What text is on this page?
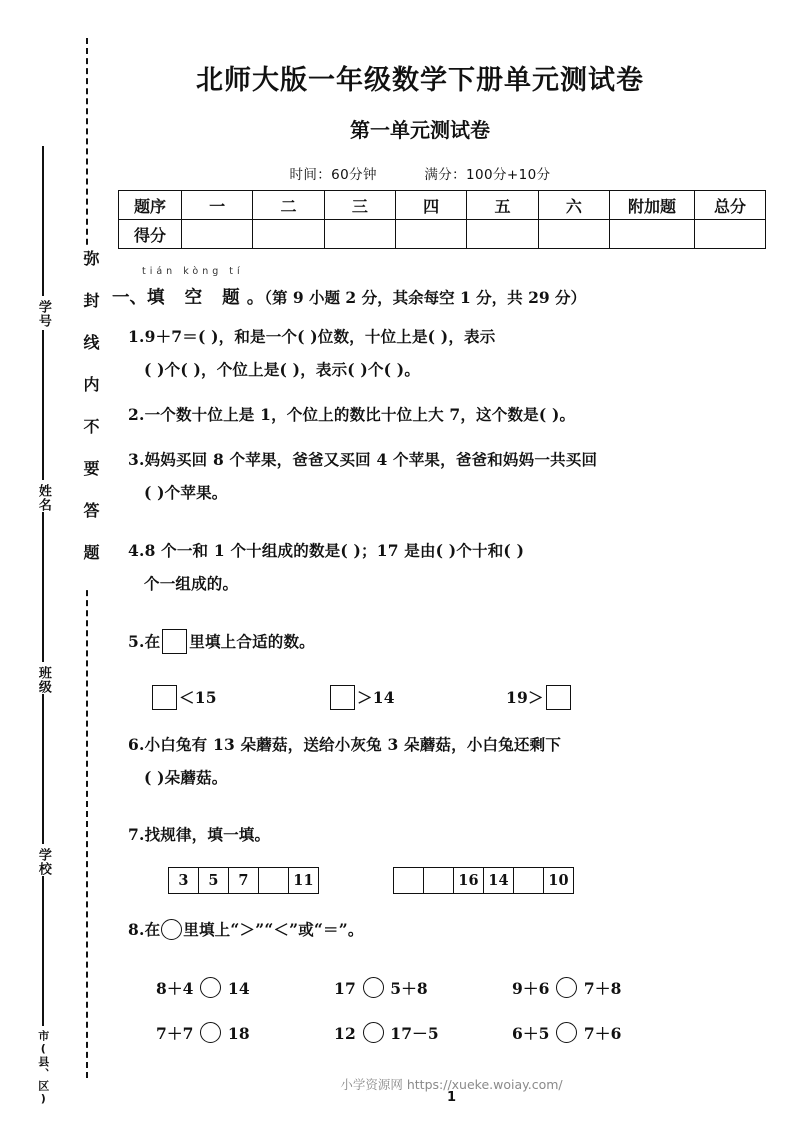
学号
姓名
班级
学校
市(县、区)
弥封线内不要答题
北师大版一年级数学下册单元测试卷
第一单元测试卷
时间：60分钟	满分：100分+10分
题序	一	二	三	四	五	六	附加题	总分
得分								
tián kòng tí
一、填 空 题。（第 9 小题 2 分，其余每空 1 分，共 29 分）
1.9＋7＝( )，和是一个( )位数，十位上是( )，表示
( )个( )，个位上是( )，表示( )个( )。
2.一个数十位上是 1，个位上的数比十位上大 7，这个数是( )。
3.妈妈买回 8 个苹果，爸爸又买回 4 个苹果，爸爸和妈妈一共买回
( )个苹果。
4.8 个一和 1 个十组成的数是( )；17 是由( )个十和( )
个一组成的。
5.在 里填上合适的数。
＜ 15	＞ 14	19 ＞
6.小白兔有 13 朵蘑菇，送给小灰兔 3 朵蘑菇，小白兔还剩下
( )朵蘑菇。
7.找规律，填一填。
3	5	7	11	16 14	10
8.在 里填上“＞”“＜”或“＝”。
8＋4 14	17 5＋8	9＋6 7＋8
7＋7 18	12 17－5	6＋5 7＋6
小学资源网 https://xueke.woiay.com/
1
